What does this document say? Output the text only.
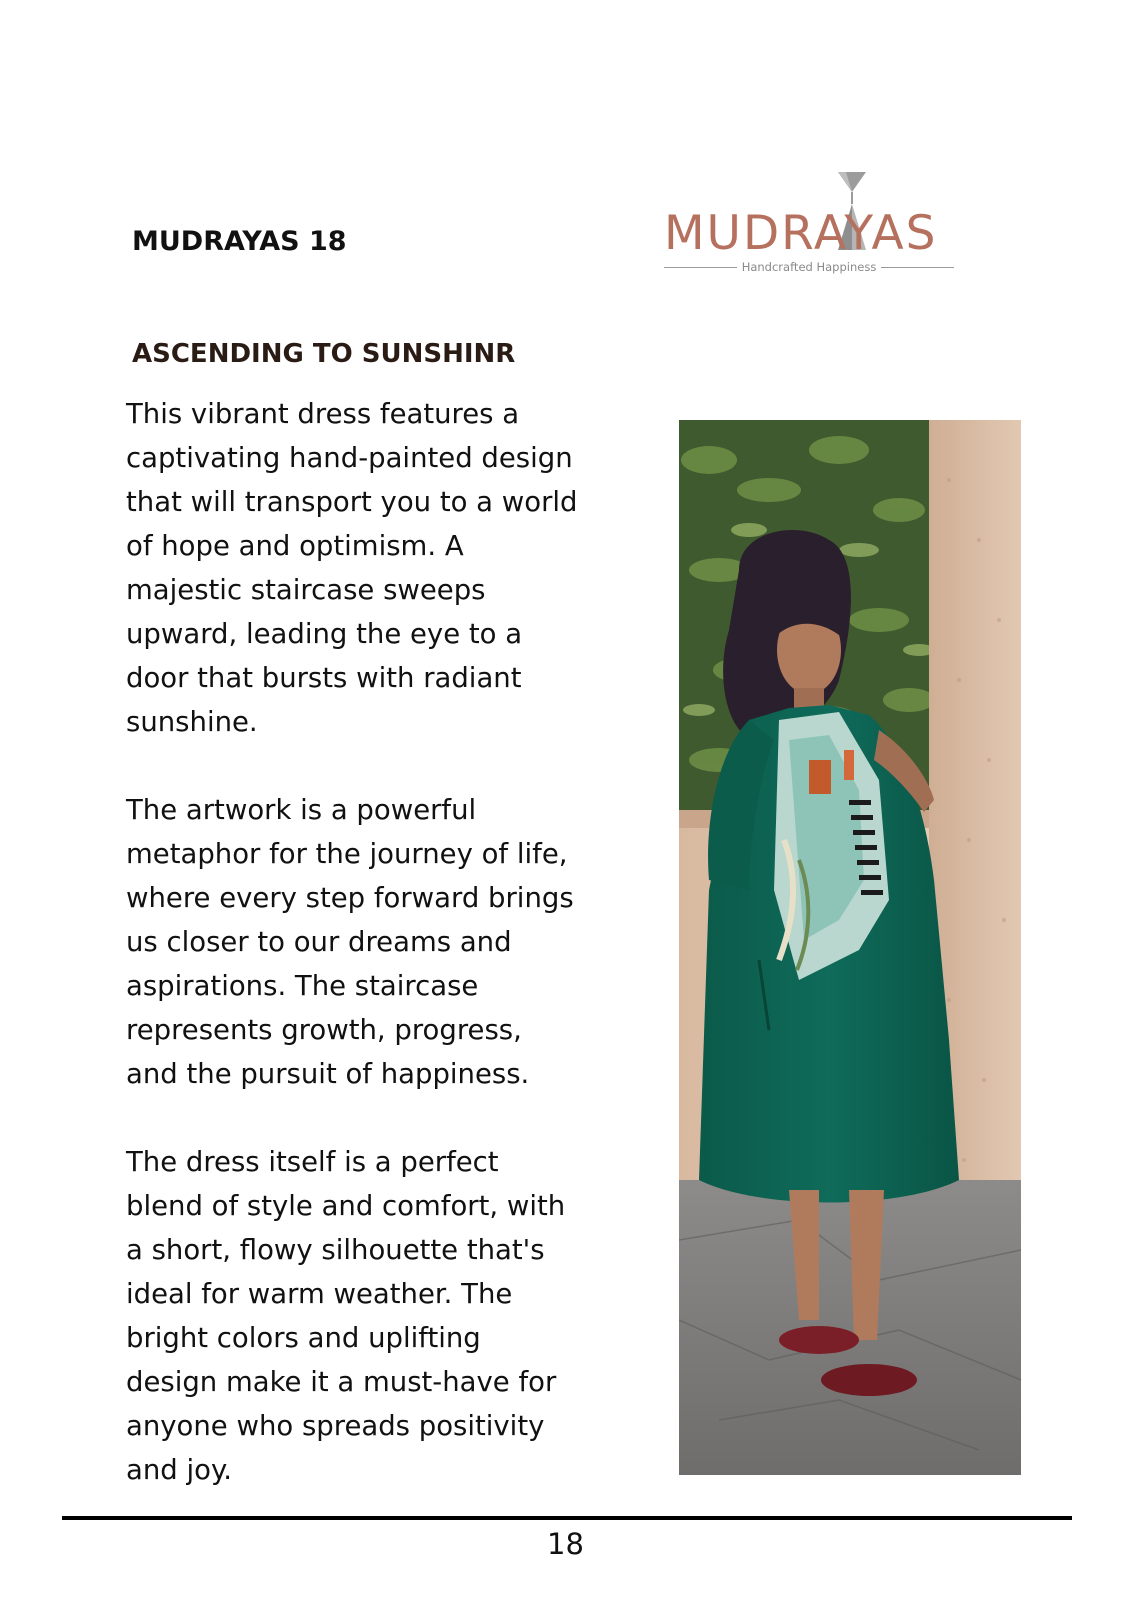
MUDRAYAS 18	MUDRAYAS
Handcrafted Happiness
ASCENDING TO SUNSHINR

This vibrant dress features a
captivating hand-painted design
that will transport you to a world
of hope and optimism. A
majestic staircase sweeps
upward, leading the eye to a
door that bursts with radiant
sunshine.

The artwork is a powerful
metaphor for the journey of life,
where every step forward brings
us closer to our dreams and
aspirations. The staircase
represents growth, progress,
and the pursuit of happiness.

The dress itself is a perfect
blend of style and comfort, with
a short, flowy silhouette that's
ideal for warm weather. The
bright colors and uplifting
design make it a must-have for
anyone who spreads positivity
and joy.

18
